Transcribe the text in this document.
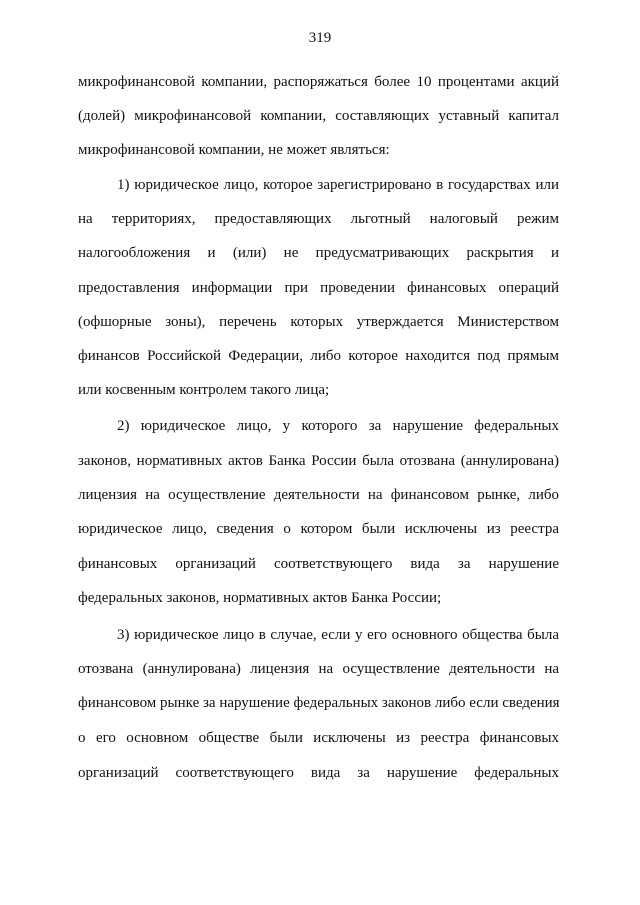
319
микрофинансовой компании, распоряжаться более 10 процентами акций
(долей) микрофинансовой компании, составляющих уставный капитал
микрофинансовой компании, не может являться:
1) юридическое лицо, которое зарегистрировано в государствах или
на территориях, предоставляющих льготный налоговый режим
налогообложения и (или) не предусматривающих раскрытия и
предоставления информации при проведении финансовых операций
(офшорные зоны), перечень которых утверждается Министерством
финансов Российской Федерации, либо которое находится под прямым
или косвенным контролем такого лица;
2) юридическое лицо, у которого за нарушение федеральных
законов, нормативных актов Банка России была отозвана (аннулирована)
лицензия на осуществление деятельности на финансовом рынке, либо
юридическое лицо, сведения о котором были исключены из реестра
финансовых организаций соответствующего вида за нарушение
федеральных законов, нормативных актов Банка России;
3) юридическое лицо в случае, если у его основного общества была
отозвана (аннулирована) лицензия на осуществление деятельности на
финансовом рынке за нарушение федеральных законов либо если сведения
о его основном обществе были исключены из реестра финансовых
организаций соответствующего вида за нарушение федеральных
